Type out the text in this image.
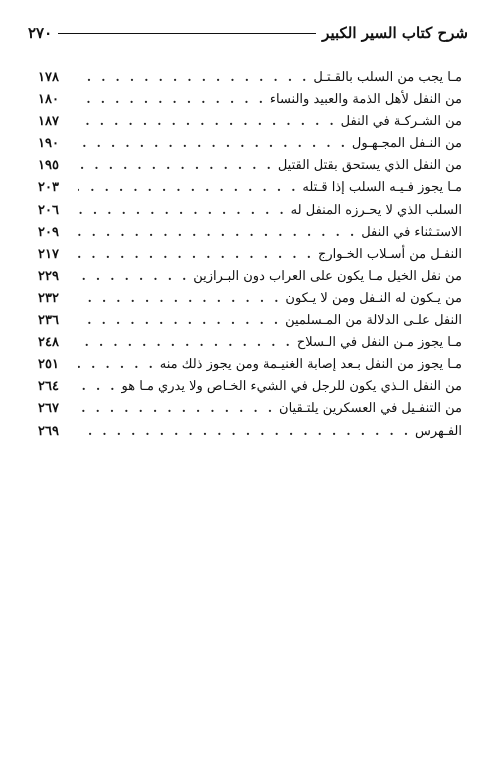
٢٧٠	شرح كتاب السير الكبير
١٧٨ . . .	مـا يجب من السلب بالقـتـل
١٨٠ . . .	من النفل لأهل الذمة والعبيد والنساء
١٨٧ . . .	من الشـركـة في النفل
١٩٠ . . .	من النـفل المجـهـول
١٩٥ . . .	من النفل الذي يستحق بقتل القتيل
٢٠٣ . . .	مـا يجوز فـيـه السلب إذا قـتله
٢٠٦ . . .	السلب الذي لا يحـرزه المنفل له
٢٠٩ . . .	الاستـثناء في النفل
٢١٧ . . .	النفـل من أسـلاب الخـوارج
٢٢٩ . . .	من نفل الخيل مـا يكون على العراب دون البـرازين
٢٣٢ . . .	من يـكون له النـفل ومن لا يـكون
٢٣٦ . . .	النفل علـى الدلالة من المـسلمين
٢٤٨ . . .	مـا يجوز مـن النفل في الـسلاح
٢٥١ . . .	مـا يجوز من النفل بـعد إصابة الغنيـمة ومن يجوز ذلك منه
٢٦٤ . . .	من النفل الـذي يكون للرجل في الشيء الخـاص ولا يدري مـا هو
٢٦٧ . . .	من التنفـيل في العسكرين يلتـقيان
٢٦٩ . . .	الفـهرس
